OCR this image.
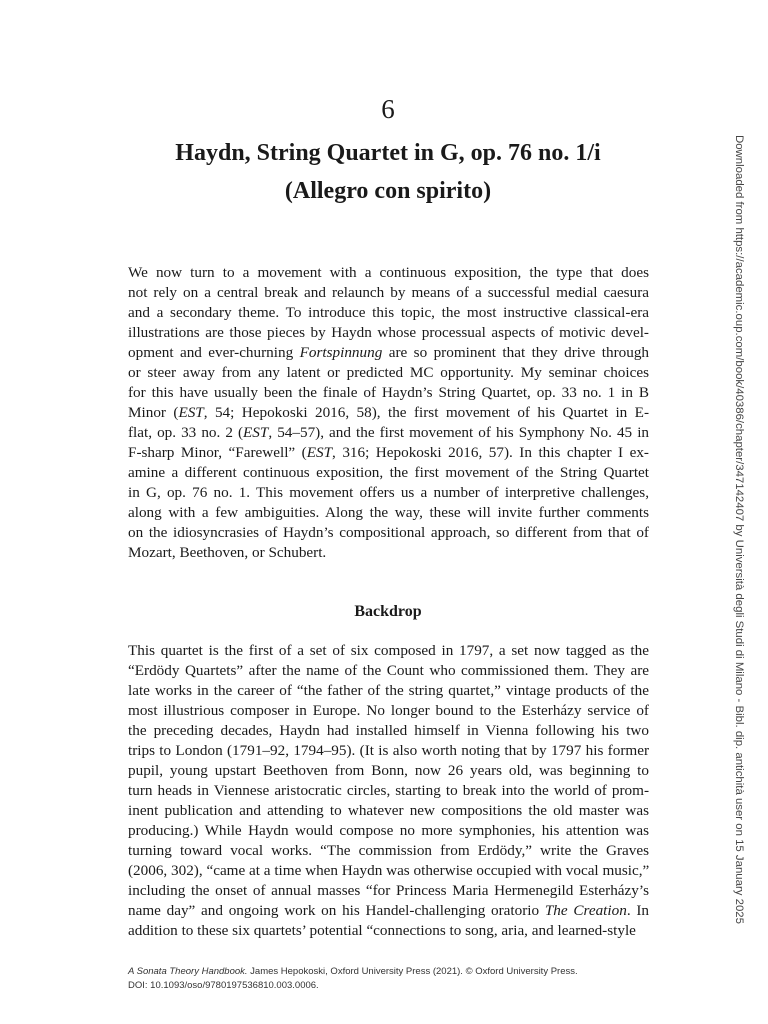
6
Haydn, String Quartet in G, op. 76 no. 1/i
(Allegro con spirito)
We now turn to a movement with a continuous exposition, the type that does
not rely on a central break and relaunch by means of a successful medial caesura
and a secondary theme. To introduce this topic, the most instructive classical-era
illustrations are those pieces by Haydn whose processual aspects of motivic devel-
opment and ever-churning Fortspinnung are so prominent that they drive through
or steer away from any latent or predicted MC opportunity. My seminar choices
for this have usually been the finale of Haydn’s String Quartet, op. 33 no. 1 in B
Minor (EST, 54; Hepokoski 2016, 58), the first movement of his Quartet in E-
flat, op. 33 no. 2 (EST, 54–57), and the first movement of his Symphony No. 45 in
F-sharp Minor, “Farewell” (EST, 316; Hepokoski 2016, 57). In this chapter I ex-
amine a different continuous exposition, the first movement of the String Quartet
in G, op. 76 no. 1. This movement offers us a number of interpretive challenges,
along with a few ambiguities. Along the way, these will invite further comments
on the idiosyncrasies of Haydn’s compositional approach, so different from that of
Mozart, Beethoven, or Schubert.
Backdrop
This quartet is the first of a set of six composed in 1797, a set now tagged as the
“Erdödy Quartets” after the name of the Count who commissioned them. They are
late works in the career of “the father of the string quartet,” vintage products of the
most illustrious composer in Europe. No longer bound to the Esterházy service of
the preceding decades, Haydn had installed himself in Vienna following his two
trips to London (1791–92, 1794–95). (It is also worth noting that by 1797 his former
pupil, young upstart Beethoven from Bonn, now 26 years old, was beginning to
turn heads in Viennese aristocratic circles, starting to break into the world of prom-
inent publication and attending to whatever new compositions the old master was
producing.) While Haydn would compose no more symphonies, his attention was
turning toward vocal works. “The commission from Erdödy,” write the Graves
(2006, 302), “came at a time when Haydn was otherwise occupied with vocal music,”
including the onset of annual masses “for Princess Maria Hermenegild Esterházy’s
name day” and ongoing work on his Handel-challenging oratorio The Creation. In
addition to these six quartets’ potential “connections to song, aria, and learned-style
A Sonata Theory Handbook. James Hepokoski, Oxford University Press (2021). © Oxford University Press.
DOI: 10.1093/oso/9780197536810.003.0006.
Downloaded from https://academic.oup.com/book/40386/chapter/347142407 by Università degli Studi di Milano - Bibl. dip. antichità user on 15 January 2025
